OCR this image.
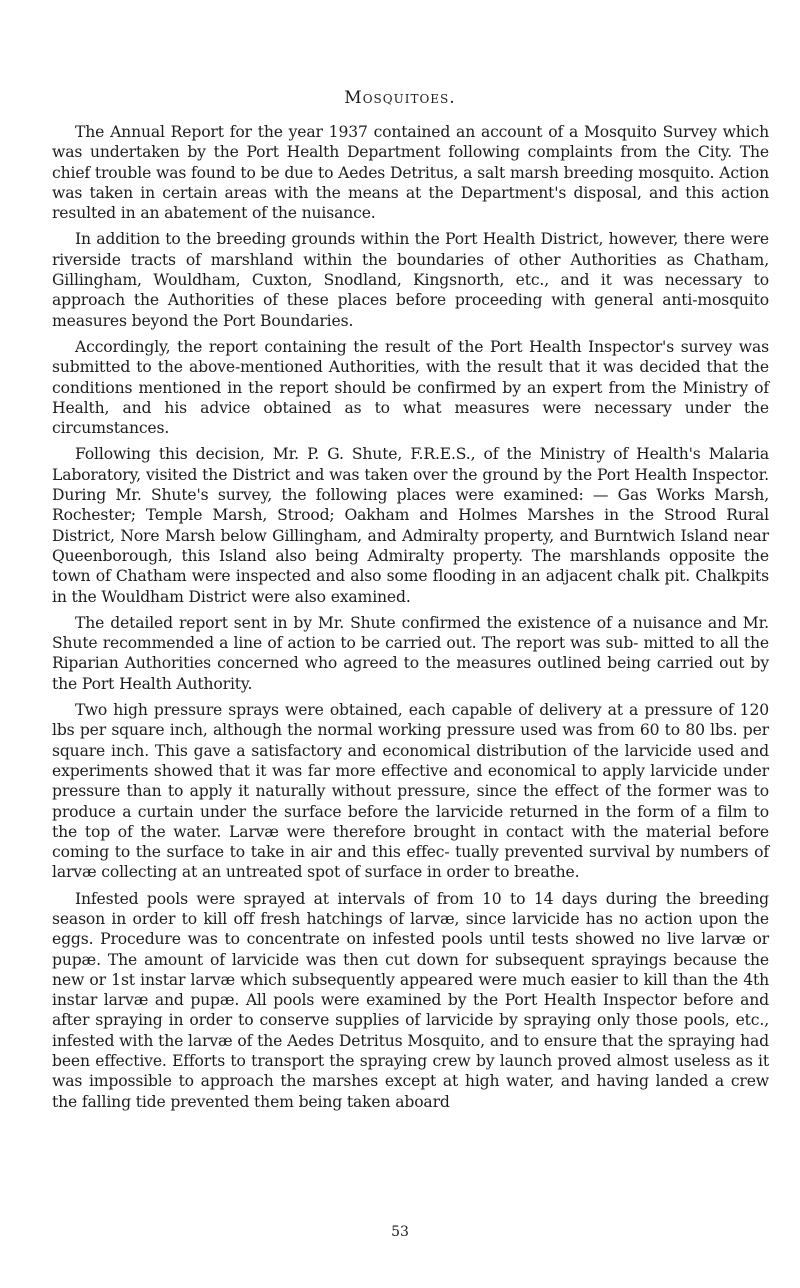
Mosquitoes.

The Annual Report for the year 1937 contained an account of a Mosquito Survey which was undertaken by the Port Health Department following complaints from the City. The chief trouble was found to be due to Aedes Detritus, a salt marsh breeding mosquito. Action was taken in certain areas with the means at the Department's disposal, and this action resulted in an abatement of the nuisance.

In addition to the breeding grounds within the Port Health District, however, there were riverside tracts of marshland within the boundaries of other Authorities as Chatham, Gillingham, Wouldham, Cuxton, Snodland, Kingsnorth, etc., and it was necessary to approach the Authorities of these places before proceeding with general anti-mosquito measures beyond the Port Boundaries.

Accordingly, the report containing the result of the Port Health Inspector's survey was submitted to the above-mentioned Authorities, with the result that it was decided that the conditions mentioned in the report should be confirmed by an expert from the Ministry of Health, and his advice obtained as to what measures were necessary under the circumstances.

Following this decision, Mr. P. G. Shute, F.R.E.S., of the Ministry of Health's Malaria Laboratory, visited the District and was taken over the ground by the Port Health Inspector. During Mr. Shute's survey, the following places were examined: — Gas Works Marsh, Rochester; Temple Marsh, Strood; Oakham and Holmes Marshes in the Strood Rural District, Nore Marsh below Gillingham, and Admiralty property, and Burntwich Island near Queenborough, this Island also being Admiralty property. The marshlands opposite the town of Chatham were inspected and also some flooding in an adjacent chalk pit. Chalkpits in the Wouldham District were also examined.

The detailed report sent in by Mr. Shute confirmed the existence of a nuisance and Mr. Shute recommended a line of action to be carried out. The report was sub- mitted to all the Riparian Authorities concerned who agreed to the measures outlined being carried out by the Port Health Authority.

Two high pressure sprays were obtained, each capable of delivery at a pressure of 120 lbs per square inch, although the normal working pressure used was from 60 to 80 lbs. per square inch. This gave a satisfactory and economical distribution of the larvicide used and experiments showed that it was far more effective and economical to apply larvicide under pressure than to apply it naturally without pressure, since the effect of the former was to produce a curtain under the surface before the larvicide returned in the form of a film to the top of the water. Larvæ were therefore brought in contact with the material before coming to the surface to take in air and this effec- tually prevented survival by numbers of larvæ collecting at an untreated spot of surface in order to breathe.

Infested pools were sprayed at intervals of from 10 to 14 days during the breeding season in order to kill off fresh hatchings of larvæ, since larvicide has no action upon the eggs. Procedure was to concentrate on infested pools until tests showed no live larvæ or pupæ. The amount of larvicide was then cut down for subsequent sprayings because the new or 1st instar larvæ which subsequently appeared were much easier to kill than the 4th instar larvæ and pupæ. All pools were examined by the Port Health Inspector before and after spraying in order to conserve supplies of larvicide by spraying only those pools, etc., infested with the larvæ of the Aedes Detritus Mosquito, and to ensure that the spraying had been effective. Efforts to transport the spraying crew by launch proved almost useless as it was impossible to approach the marshes except at high water, and having landed a crew the falling tide prevented them being taken aboard

53
